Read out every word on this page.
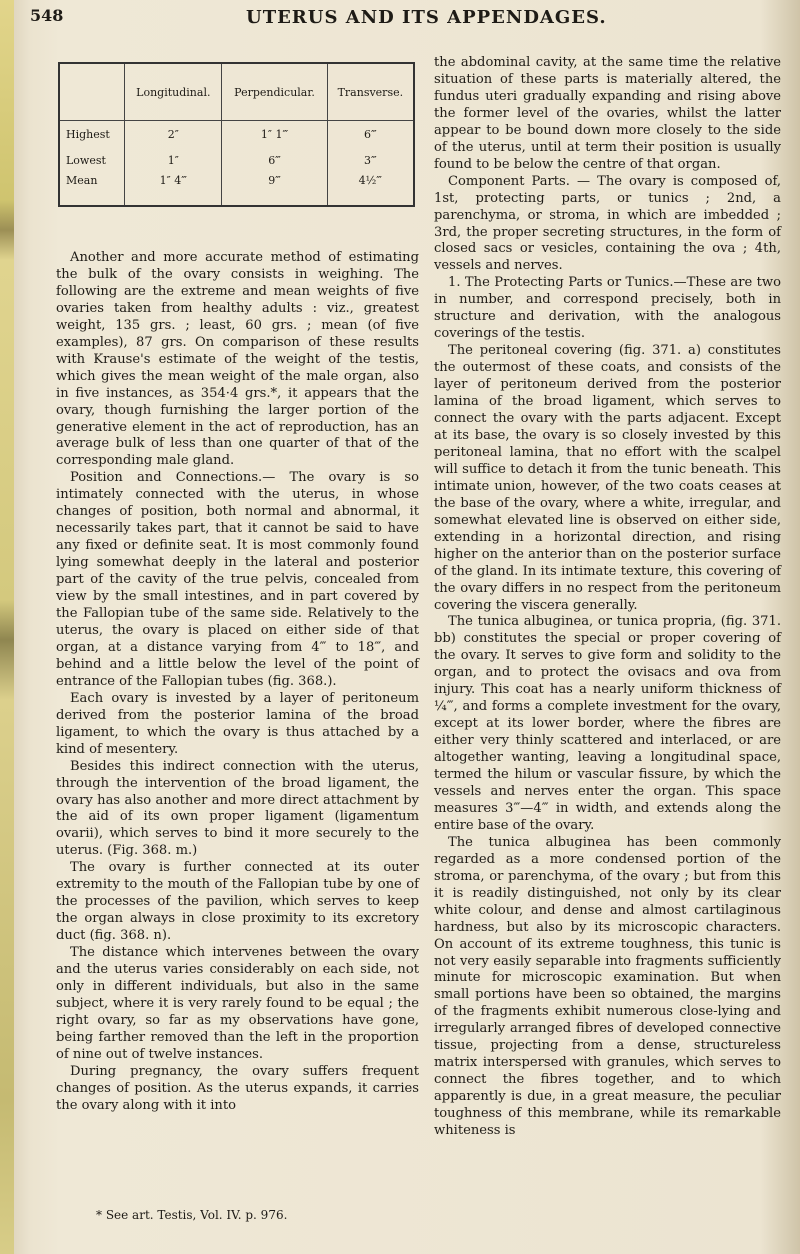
548	UTERUS AND ITS APPENDAGES.
	Longitudinal.	Perpendicular.	Transverse.
Highest	2″	1″ 1‴	6‴
Lowest	1″	6‴	3‴
Mean	1″ 4‴	9‴	4½‴

Another and more accurate method of estimating the bulk of the ovary consists in weighing. The following are the extreme and mean weights of five ovaries taken from healthy adults : viz., greatest weight, 135 grs. ; least, 60 grs. ; mean (of five examples), 87 grs. On comparison of these results with Krause's estimate of the weight of the testis, which gives the mean weight of the male organ, also in five instances, as 354·4 grs.*, it appears that the ovary, though furnishing the larger portion of the generative element in the act of reproduction, has an average bulk of less than one quarter of that of the corresponding male gland.

Position and Connections.— The ovary is so intimately connected with the uterus, in whose changes of position, both normal and abnormal, it necessarily takes part, that it cannot be said to have any fixed or definite seat. It is most commonly found lying somewhat deeply in the lateral and posterior part of the cavity of the true pelvis, concealed from view by the small intestines, and in part covered by the Fallopian tube of the same side. Relatively to the uterus, the ovary is placed on either side of that organ, at a distance varying from 4‴ to 18‴, and behind and a little below the level of the point of entrance of the Fallopian tubes (fig. 368.).

Each ovary is invested by a layer of peritoneum derived from the posterior lamina of the broad ligament, to which the ovary is thus attached by a kind of mesentery.

Besides this indirect connection with the uterus, through the intervention of the broad ligament, the ovary has also another and more direct attachment by the aid of its own proper ligament (ligamentum ovarii), which serves to bind it more securely to the uterus. (Fig. 368. m.)

The ovary is further connected at its outer extremity to the mouth of the Fallopian tube by one of the processes of the pavilion, which serves to keep the organ always in close proximity to its excretory duct (fig. 368. n).

The distance which intervenes between the ovary and the uterus varies considerably on each side, not only in different individuals, but also in the same subject, where it is very rarely found to be equal ; the right ovary, so far as my observations have gone, being farther removed than the left in the proportion of nine out of twelve instances.

During pregnancy, the ovary suffers frequent changes of position. As the uterus expands, it carries the ovary along with it into

* See art. Testis, Vol. IV. p. 976.

the abdominal cavity, at the same time the relative situation of these parts is materially altered, the fundus uteri gradually expanding and rising above the former level of the ovaries, whilst the latter appear to be bound down more closely to the side of the uterus, until at term their position is usually found to be below the centre of that organ.

Component Parts. — The ovary is composed of, 1st, protecting parts, or tunics ; 2nd, a parenchyma, or stroma, in which are imbedded ; 3rd, the proper secreting structures, in the form of closed sacs or vesicles, containing the ova ; 4th, vessels and nerves.

1. The Protecting Parts or Tunics.—These are two in number, and correspond precisely, both in structure and derivation, with the analogous coverings of the testis.

The peritoneal covering (fig. 371. a) constitutes the outermost of these coats, and consists of the layer of peritoneum derived from the posterior lamina of the broad ligament, which serves to connect the ovary with the parts adjacent. Except at its base, the ovary is so closely invested by this peritoneal lamina, that no effort with the scalpel will suffice to detach it from the tunic beneath. This intimate union, however, of the two coats ceases at the base of the ovary, where a white, irregular, and somewhat elevated line is observed on either side, extending in a horizontal direction, and rising higher on the anterior than on the posterior surface of the gland. In its intimate texture, this covering of the ovary differs in no respect from the peritoneum covering the viscera generally.

The tunica albuginea, or tunica propria, (fig. 371. bb) constitutes the special or proper covering of the ovary. It serves to give form and solidity to the organ, and to protect the ovisacs and ova from injury. This coat has a nearly uniform thickness of ¼‴, and forms a complete investment for the ovary, except at its lower border, where the fibres are either very thinly scattered and interlaced, or are altogether wanting, leaving a longitudinal space, termed the hilum or vascular fissure, by which the vessels and nerves enter the organ. This space measures 3‴—4‴ in width, and extends along the entire base of the ovary.

The tunica albuginea has been commonly regarded as a more condensed portion of the stroma, or parenchyma, of the ovary ; but from this it is readily distinguished, not only by its clear white colour, and dense and almost cartilaginous hardness, but also by its microscopic characters. On account of its extreme toughness, this tunic is not very easily separable into fragments sufficiently minute for microscopic examination. But when small portions have been so obtained, the margins of the fragments exhibit numerous close-lying and irregularly arranged fibres of developed connective tissue, projecting from a dense, structureless matrix interspersed with granules, which serves to connect the fibres together, and to which apparently is due, in a great measure, the peculiar toughness of this membrane, while its remarkable whiteness is
